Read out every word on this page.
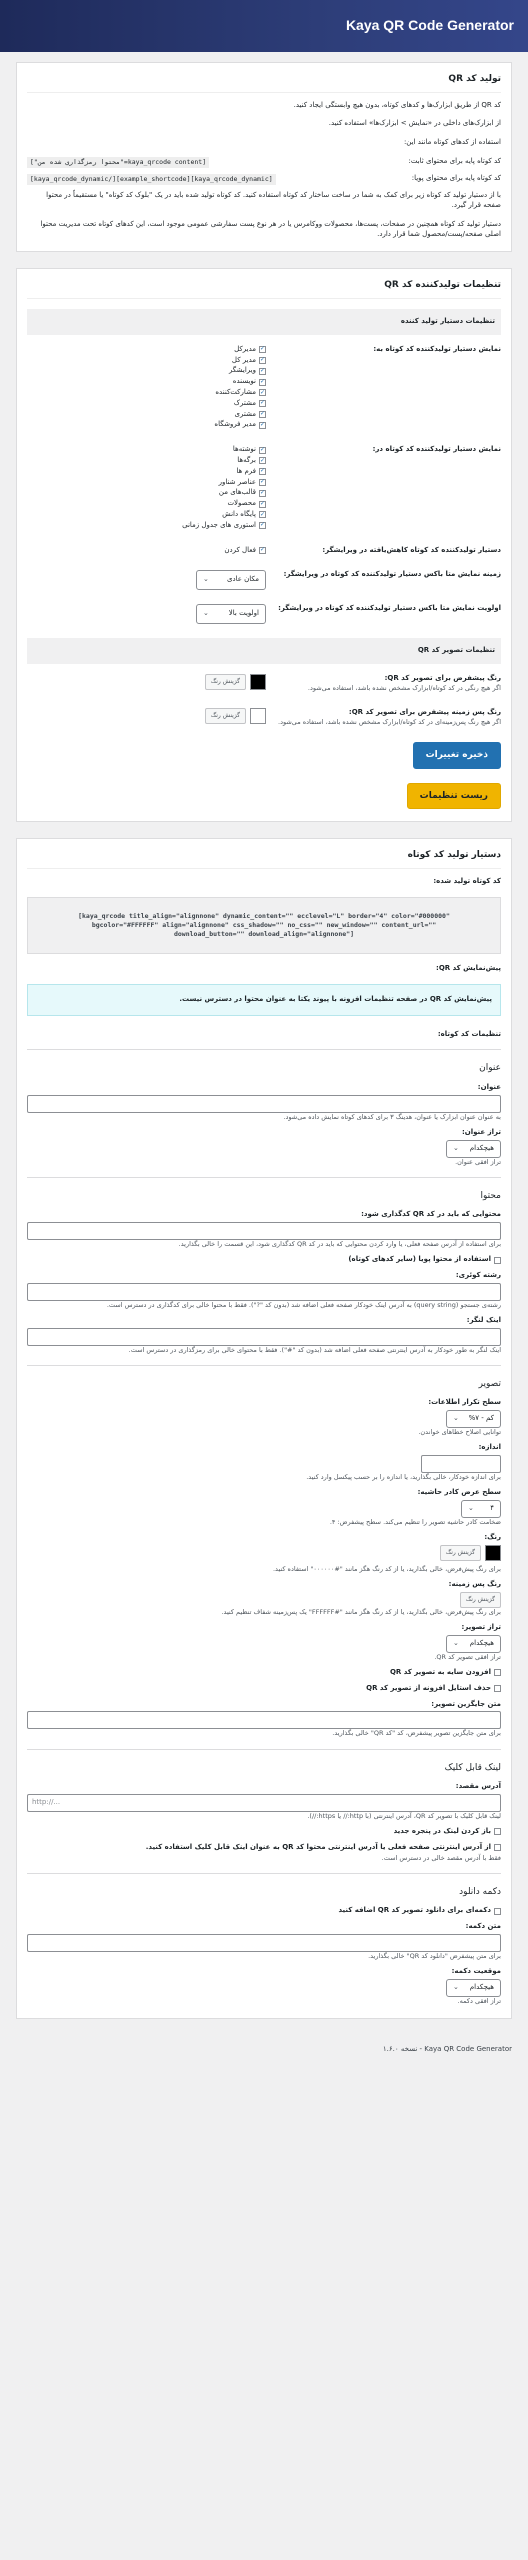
Kaya QR Code Generator
تولید کد QR

کد QR از طریق ابزارک‌ها و کدهای کوتاه، بدون هیچ وابستگی ایجاد کنید.

از ابزارک‌های داخلی در «نمایش > ابزارک‌ها» استفاده کنید.

استفاده از کدهای کوتاه مانند این:

کد کوتاه پایه برای محتوای ثابت:
[kaya_qrcode content="محتوا رمزگذاری شده من"]
کد کوتاه پایه برای محتوای پویا:
[kaya_qrcode_dynamic][example_shortcode][/kaya_qrcode_dynamic]

با از دستیار تولید کد کوتاه زیر برای کمک به شما در ساخت ساختار کد کوتاه استفاده کنید. کد کوتاه تولید شده باید در یک "بلوک کد کوتاه" یا مستقیماً در محتوا صفحه قرار گیرد.

دستیار تولید کد کوتاه همچنین در صفحات، پست‌ها، محصولات ووکامرس یا در هر نوع پست سفارشی عمومی موجود است، این کدهای کوتاه تحت مدیریت محتوا اصلی صفحه/پست/محصول شما قرار دارد.

تنظیمات تولیدکننده کد QR
تنظیمات دستیار تولید کننده
نمایش دستیار تولیدکننده کد کوتاه به:
✓
مدیرکل
✓
مدیر کل
✓
ویرایشگر
✓
نویسنده
✓
مشارکت‌کننده
✓
مشترک
✓
مشتری
✓
مدیر فروشگاه
نمایش دستیار تولیدکننده کد کوتاه در:
✓
نوشته‌ها
✓
برگه‌ها
✓
فرم ها
✓
عناصر شناور
✓
قالب‌های من
✓
محصولات
✓
پایگاه دانش
✓
استوری های جدول زمانی
دستیار تولیدکننده کد کوتاه کاهش‌یافته در ویرایشگر:
✓
فعال کردن
زمینه نمایش متا باکس دستیار تولیدکننده کد کوتاه در ویرایشگر:
مکان عادی
⌄
اولویت نمایش متا باکس دستیار تولیدکننده کد کوتاه در ویرایشگر:
اولویت بالا
⌄
تنظیمات تصویر کد QR
رنگ پیشفرض برای تصویر کد QR:
اگر هیچ رنگی در کد کوتاه/ابزارک مشخص نشده باشد، استفاده می‌شود.
گزینش رنگ
رنگ پس زمینه پیشفرض برای تصویر کد QR:
اگر هیچ رنگ پس‌زمینه‌ای در کد کوتاه/ابزارک مشخص نشده باشد، استفاده می‌شود.
گزینش رنگ
ذخیره تغییرات
ریست تنظیمات
دستیار تولید کد کوتاه
کد کوتاه تولید شده:
[kaya_qrcode title_align="alignnone" dynamic_content="" ecclevel="L" border="4" color="#000000"
bgcolor="#FFFFFF" align="alignnone" css_shadow="" no_css="" new_window="" content_url=""
download_button="" download_align="alignnone"]
پیش‌نمایش کد QR:
پیش‌نمایش کد QR در صفحه تنظیمات افزونه با پیوند یکتا به عنوان محتوا در دسترس نیست.
تنظیمات کد کوتاه:
عنوان
عنوان:
به عنوان عنوان ابزارک یا عنوان، هدینگ ۳ برای کدهای کوتاه نمایش داده می‌شود.
تراز عنوان:
هیچکدام
⌄
تراز افقی عنوان.
محتوا
محتوایی که باید در کد QR کدگذاری شود:
برای استفاده از آدرس صفحه فعلی، یا وارد کردن محتوایی که باید در کد QR کدگذاری شود، این قسمت را خالی بگذارید.
استفاده از محتوا پویا (سایر کدهای کوتاه)
رشته کوئری:
رشته‌ی جستجو (query string) به آدرس اینک خودکار صفحه فعلی اضافه شد (بدون کد "?"). فقط با محتوا خالی برای کدگذاری در دسترس است.
اینک لنگر:
اینک لنگر به طور خودکار به آدرس اینترنتی صفحه فعلی اضافه شد (بدون کد "#"). فقط با محتوای خالی برای رمزگذاری در دسترس است.
تصویر
سطح تکرار اطلاعات:
کم - ۷%
⌄
توانایی اصلاح خطاهای خواندن.
اندازه:
برای اندازه خودکار، خالی بگذارید، یا اندازه را بر حسب پیکسل وارد کنید.
سطح عرض کادر حاشیه:
۴
⌄
ضخامت کادر حاشیه تصویر را تنظیم می‌کند. سطح پیشفرض: ۴.
رنگ:
گزینش رنگ
برای رنگ پیش‌فرض، خالی بگذارید، یا از کد رنگ هگز مانند "#۰۰۰۰۰۰" استفاده کنید.
رنگ پس زمینه:
گزینش رنگ
برای رنگ پیش‌فرض، خالی بگذارید، یا از کد رنگ هگز مانند "#FFFFFF" یک پس‌زمینه شفاف تنظیم کنید.
تراز تصویر:
هیچکدام
⌄
تراز افقی تصویر کد QR.
افزودن سایه به تصویر کد QR
حذف استایل افزونه از تصویر کد QR
متن جایگزین تصویر:
برای متن جایگزین تصویر پیشفرض، کد "کد QR" خالی بگذارید.
لینک قابل کلیک
آدرس مقصد:
http://...
لینک قابل کلیک با تصویر کد QR، آدرس اینترنتی (با http:// یا https://).
باز کردن لینک در پنجره جدید
از آدرس اینترنتی صفحه فعلی یا آدرس اینترنتی محتوا کد QR به عنوان اینک قابل کلیک استفاده کنید.
فقط با آدرس مقصد خالی در دسترس است.
دکمه دانلود
دکمه‌ای برای دانلود تصویر کد QR اضافه کنید
متن دکمه:
برای متن پیشفرض "دانلود کد QR" خالی بگذارید.
موقعیت دکمه:
هیچکدام
⌄
تراز افقی دکمه.
Kaya QR Code Generator - نسخه ۱.۶.۰
